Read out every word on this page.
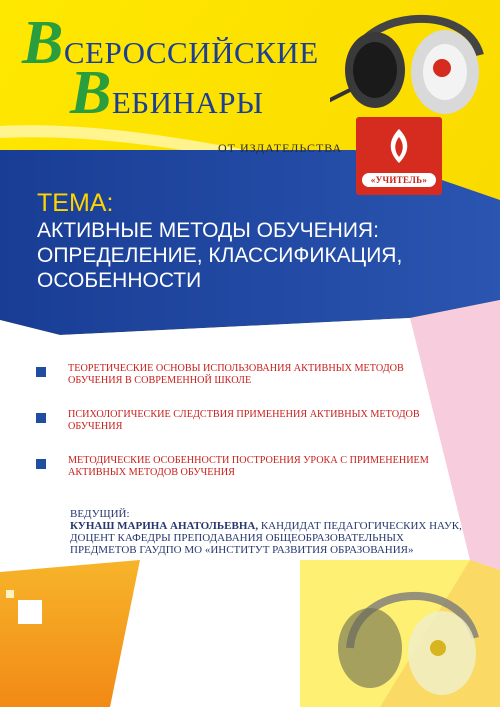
ВСЕРОССИЙСКИЕ
ВЕБИНАРЫ
ОТ ИЗДАТЕЛЬСТВА
«УЧИТЕЛЬ»
ТЕМА:
АКТИВНЫЕ МЕТОДЫ ОБУЧЕНИЯ: ОПРЕДЕЛЕНИЕ, КЛАССИФИКАЦИЯ, ОСОБЕННОСТИ
ТЕОРЕТИЧЕСКИЕ ОСНОВЫ ИСПОЛЬЗОВАНИЯ АКТИВНЫХ МЕТОДОВ ОБУЧЕНИЯ В СОВРЕМЕННОЙ ШКОЛЕ
ПСИХОЛОГИЧЕСКИЕ СЛЕДСТВИЯ ПРИМЕНЕНИЯ АКТИВНЫХ МЕТОДОВ ОБУЧЕНИЯ
МЕТОДИЧЕСКИЕ ОСОБЕННОСТИ ПОСТРОЕНИЯ УРОКА С ПРИМЕНЕНИЕМ АКТИВНЫХ МЕТОДОВ ОБУЧЕНИЯ
ВЕДУЩИЙ:
КУНАШ МАРИНА АНАТОЛЬЕВНА, КАНДИДАТ ПЕДАГОГИЧЕСКИХ НАУК, ДОЦЕНТ КАФЕДРЫ ПРЕПОДАВАНИЯ ОБЩЕОБРАЗОВАТЕЛЬНЫХ ПРЕДМЕТОВ ГАУДПО МО «ИНСТИТУТ РАЗВИТИЯ ОБРАЗОВАНИЯ»
